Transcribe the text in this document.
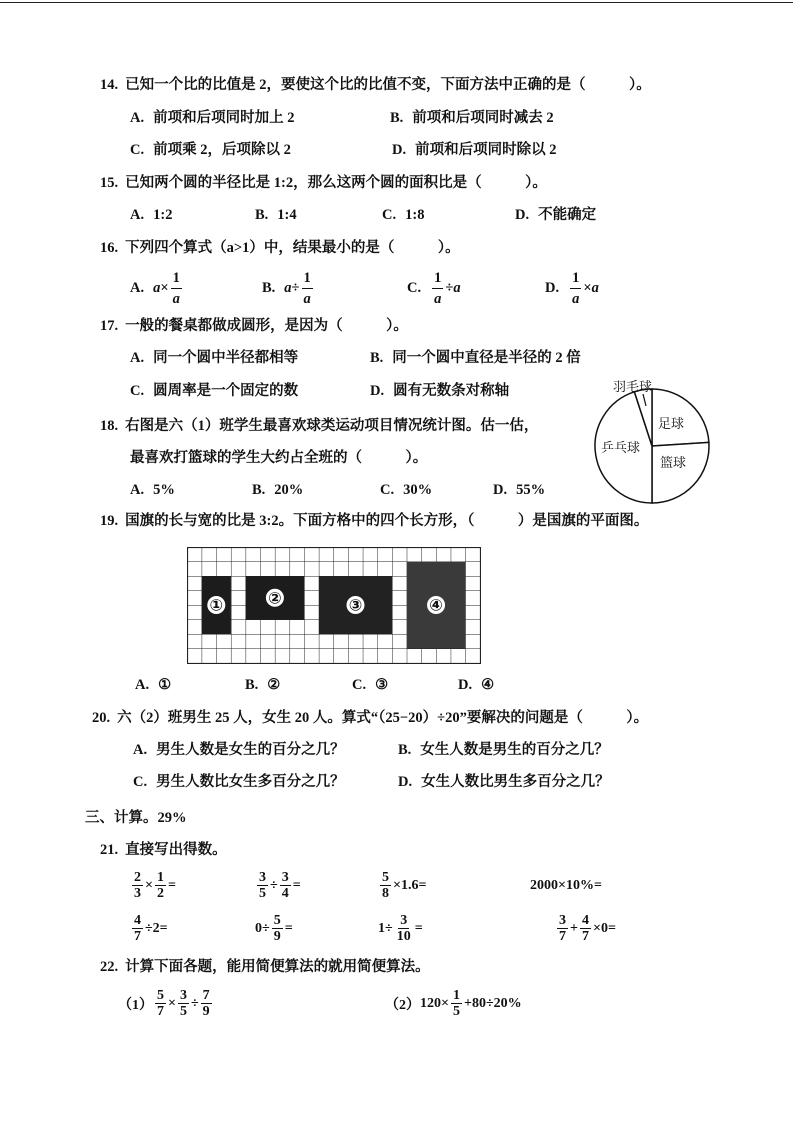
14. 已知一个比的比值是 2，要使这个比的比值不变，下面方法中正确的是（　　　）。
A. 前项和后项同时加上 2	B. 前项和后项同时减去 2
C. 前项乘 2，后项除以 2	D. 前项和后项同时除以 2
15. 已知两个圆的半径比是 1:2，那么这两个圆的面积比是（　　　）。
A. 1:2	B. 1:4	C. 1:8	D. 不能确定
16. 下列四个算式（a>1）中，结果最小的是（　　　）。
A. $a \times \frac{1}{a}$	B. $a \div \frac{1}{a}$	C. $\frac{1}{a} \div a$	D. $\frac{1}{a} \times a$
17. 一般的餐桌都做成圆形，是因为（　　　）。
A. 同一个圆中半径都相等	B. 同一个圆中直径是半径的 2 倍
C. 圆周率是一个固定的数	D. 圆有无数条对称轴
18. 右图是六（1）班学生最喜欢球类运动项目情况统计图。估一估，
最喜欢打篮球的学生大约占全班的（　　　）。
A. 5%	B. 20%	C. 30%	D. 55%
羽毛球
足球
乒乓球
篮球
19. 国旗的长与宽的比是 3:2。下面方格中的四个长方形，（　　　）是国旗的平面图。
①	②	③	④
A. ①	B. ②	C. ③	D. ④
20. 六（2）班男生 25 人，女生 20 人。算式“（25−20）÷20”要解决的问题是（　　　）。
A. 男生人数是女生的百分之几？	B. 女生人数是男生的百分之几？
C. 男生人数比女生多百分之几？	D. 女生人数比男生多百分之几？
三、计算。29%
21. 直接写出得数。
$\frac{2}{3} \times \frac{1}{2}$ =	$\frac{3}{5} \div \frac{3}{4}$ =	$\frac{5}{8} \times 1.6=$	2000×10%=
$\frac{4}{7} \div 2=$	$0\div \frac{5}{9}$ =	$1\div \frac{3}{10}$ =	$\frac{3}{7} + \frac{4}{7} \times 0=$
22. 计算下面各题，能用简便算法的就用简便算法。
$(1) \frac{5}{7} \times \frac{3}{5} \div \frac{7}{9}$	（2） $120\times \frac{1}{5} +80\div 20\%$
